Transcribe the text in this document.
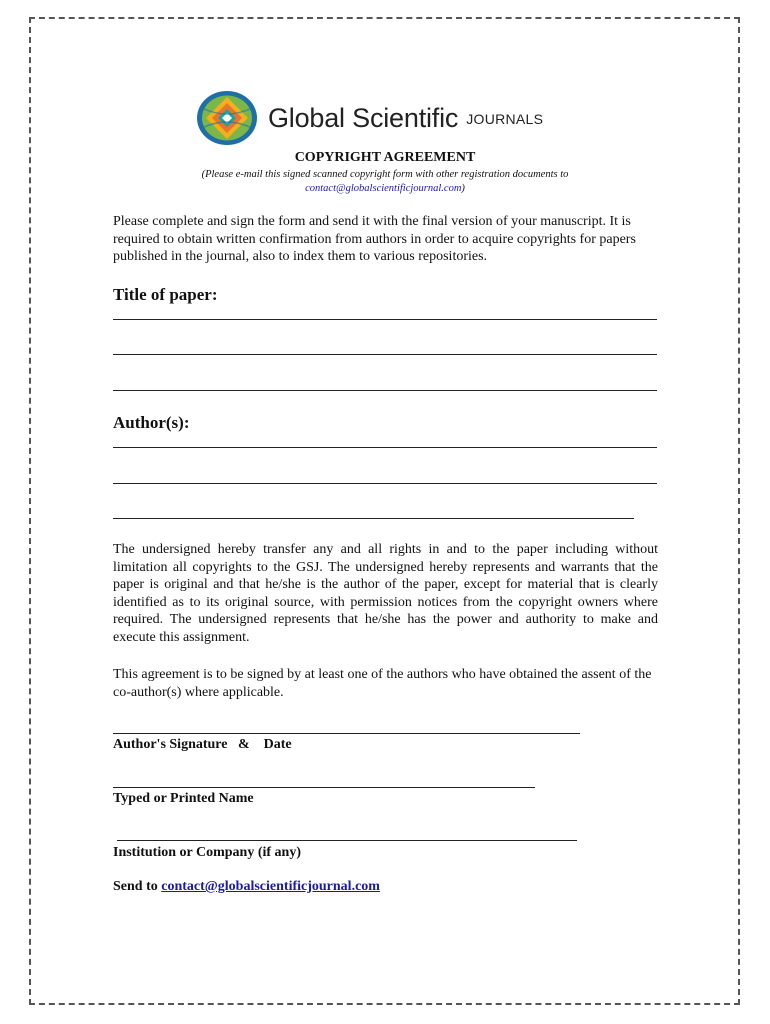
Global Scientific JOURNALS
COPYRIGHT AGREEMENT
(Please e-mail this signed scanned copyright form with other registration documents to
contact@globalscientificjournal.com)
Please complete and sign the form and send it with the final version of your manuscript. It is required to obtain written confirmation from authors in order to acquire copyrights for papers published in the journal, also to index them to various repositories.
Title of paper:
Author(s):
The undersigned hereby transfer any and all rights in and to the paper including without limitation all copyrights to the GSJ. The undersigned hereby represents and warrants that the paper is original and that he/she is the author of the paper, except for material that is clearly identified as to its original source, with permission notices from the copyright owners where required. The undersigned represents that he/she has the power and authority to make and execute this assignment.
This agreement is to be signed by at least one of the authors who have obtained the assent of the co-author(s) where applicable.
Author's Signature   &    Date
Typed or Printed Name
Institution or Company (if any)
Send to contact@globalscientificjournal.com
